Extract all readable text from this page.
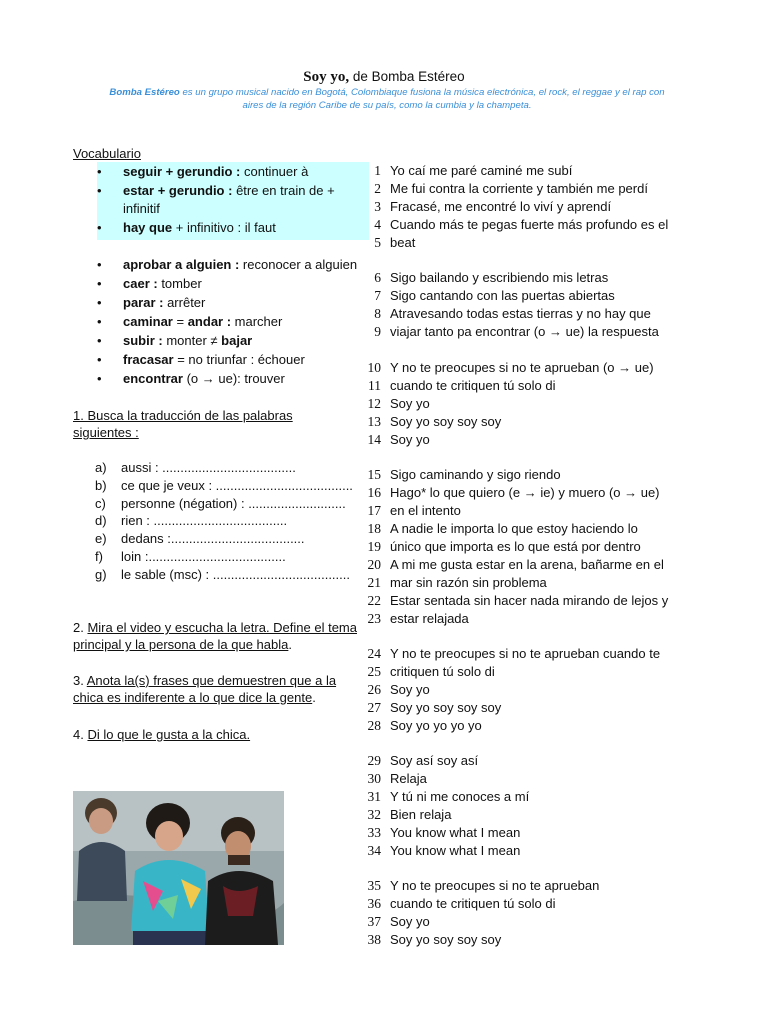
Soy yo, de Bomba Estéreo
Bomba Estéreo es un grupo musical nacido en Bogotá, Colombiaque fusiona la música electrónica, el rock, el reggae y el rap con
aires de la región Caribe de su país, como la cumbia y la champeta.
Vocabulario
• seguir + gerundio : continuer à
• estar + gerundio : être en train de +
infinitif
• hay que + infinitivo : il faut
• aprobar a alguien : reconocer a alguien
• caer : tomber
• parar : arrêter
• caminar = andar : marcher
• subir : monter ≠ bajar
• fracasar = no triunfar : échouer
• encontrar (o → ue): trouver
1. Busca la traducción de las palabras
siguientes :
a) aussi : .....................................
b) ce que je veux : ......................................
c) personne (négation) : ...........................
d) rien : .....................................
e) dedans :.....................................
f) loin :......................................
g) le sable (msc) : ......................................
2. Mira el video y escucha la letra. Define el tema principal y la persona de la que habla.
3. Anota la(s) frases que demuestren que a la chica es indiferente a lo que dice la gente.
4. Di lo que le gusta a la chica.
1 Yo caí me paré caminé me subí
2 Me fui contra la corriente y también me perdí
3 Fracasé, me encontré lo viví y aprendí
4 Cuando más te pegas fuerte más profundo es el
5 beat
6 Sigo bailando y escribiendo mis letras
7 Sigo cantando con las puertas abiertas
8 Atravesando todas estas tierras y no hay que
9 viajar tanto pa encontrar (o → ue) la respuesta
10 Y no te preocupes si no te aprueban (o → ue)
11 cuando te critiquen tú solo di
12 Soy yo
13 Soy yo soy soy soy
14 Soy yo
15 Sigo caminando y sigo riendo
16 Hago* lo que quiero (e → ie) y muero (o → ue)
17 en el intento
18 A nadie le importa lo que estoy haciendo lo
19 único que importa es lo que está por dentro
20 A mi me gusta estar en la arena, bañarme en el
21 mar sin razón sin problema
22 Estar sentada sin hacer nada mirando de lejos y
23 estar relajada
24 Y no te preocupes si no te aprueban cuando te
25 critiquen tú solo di
26 Soy yo
27 Soy yo soy soy soy
28 Soy yo yo yo yo
29 Soy así soy así
30 Relaja
31 Y tú ni me conoces a mí
32 Bien relaja
33 You know what I mean
34 You know what I mean
35 Y no te preocupes si no te aprueban
36 cuando te critiquen tú solo di
37 Soy yo
38 Soy yo soy soy soy
